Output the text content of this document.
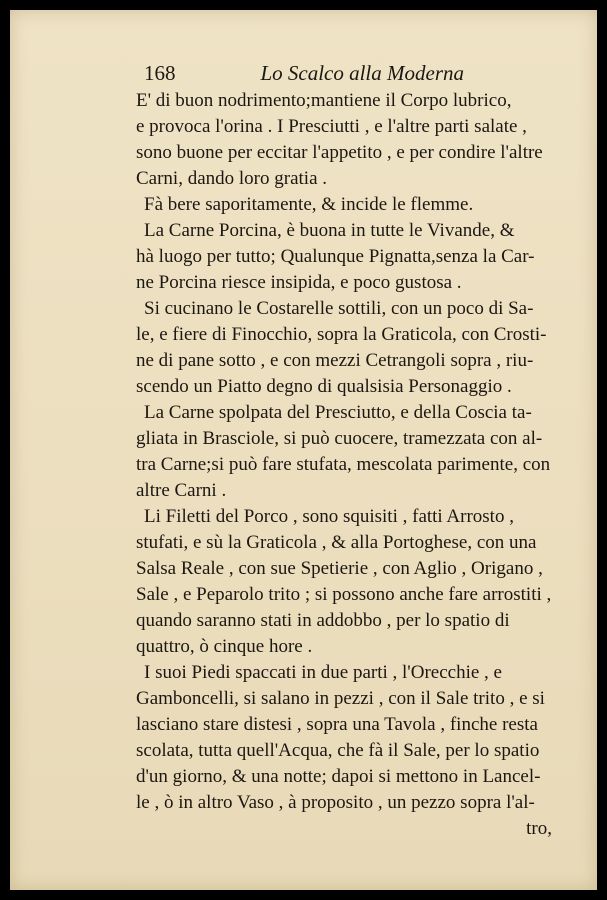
168	Lo Scalco alla Moderna
E' di buon nodrimento;mantiene il Corpo lubrico,
e provoca l'orina . I Presciutti , e l'altre parti salate ,
sono buone per eccitar l'appetito , e per condire l'altre
Carni, dando loro gratia .
Fà bere saporitamente, & incide le flemme.
La Carne Porcina, è buona in tutte le Vivande, &
hà luogo per tutto; Qualunque Pignatta,senza la Car-
ne Porcina riesce insipida, e poco gustosa .
Si cucinano le Costarelle sottili, con un poco di Sa-
le, e fiere di Finocchio, sopra la Graticola, con Crosti-
ne di pane sotto , e con mezzi Cetrangoli sopra , riu-
scendo un Piatto degno di qualsisia Personaggio .
La Carne spolpata del Presciutto, e della Coscia ta-
gliata in Brasciole, si può cuocere, tramezzata con al-
tra Carne;si può fare stufata, mescolata parimente, con
altre Carni .
Li Filetti del Porco , sono squisiti , fatti Arrosto ,
stufati, e sù la Graticola , & alla Portoghese, con una
Salsa Reale , con sue Spetierie , con Aglio , Origano ,
Sale , e Peparolo trito ; si possono anche fare arrostiti ,
quando saranno stati in addobbo , per lo spatio di
quattro, ò cinque hore .
I suoi Piedi spaccati in due parti , l'Orecchie , e
Gamboncelli, si salano in pezzi , con il Sale trito , e si
lasciano stare distesi , sopra una Tavola , finche resta
scolata, tutta quell'Acqua, che fà il Sale, per lo spatio
d'un giorno, & una notte; dapoi si mettono in Lancel-
le , ò in altro Vaso , à proposito , un pezzo sopra l'al-
tro,
